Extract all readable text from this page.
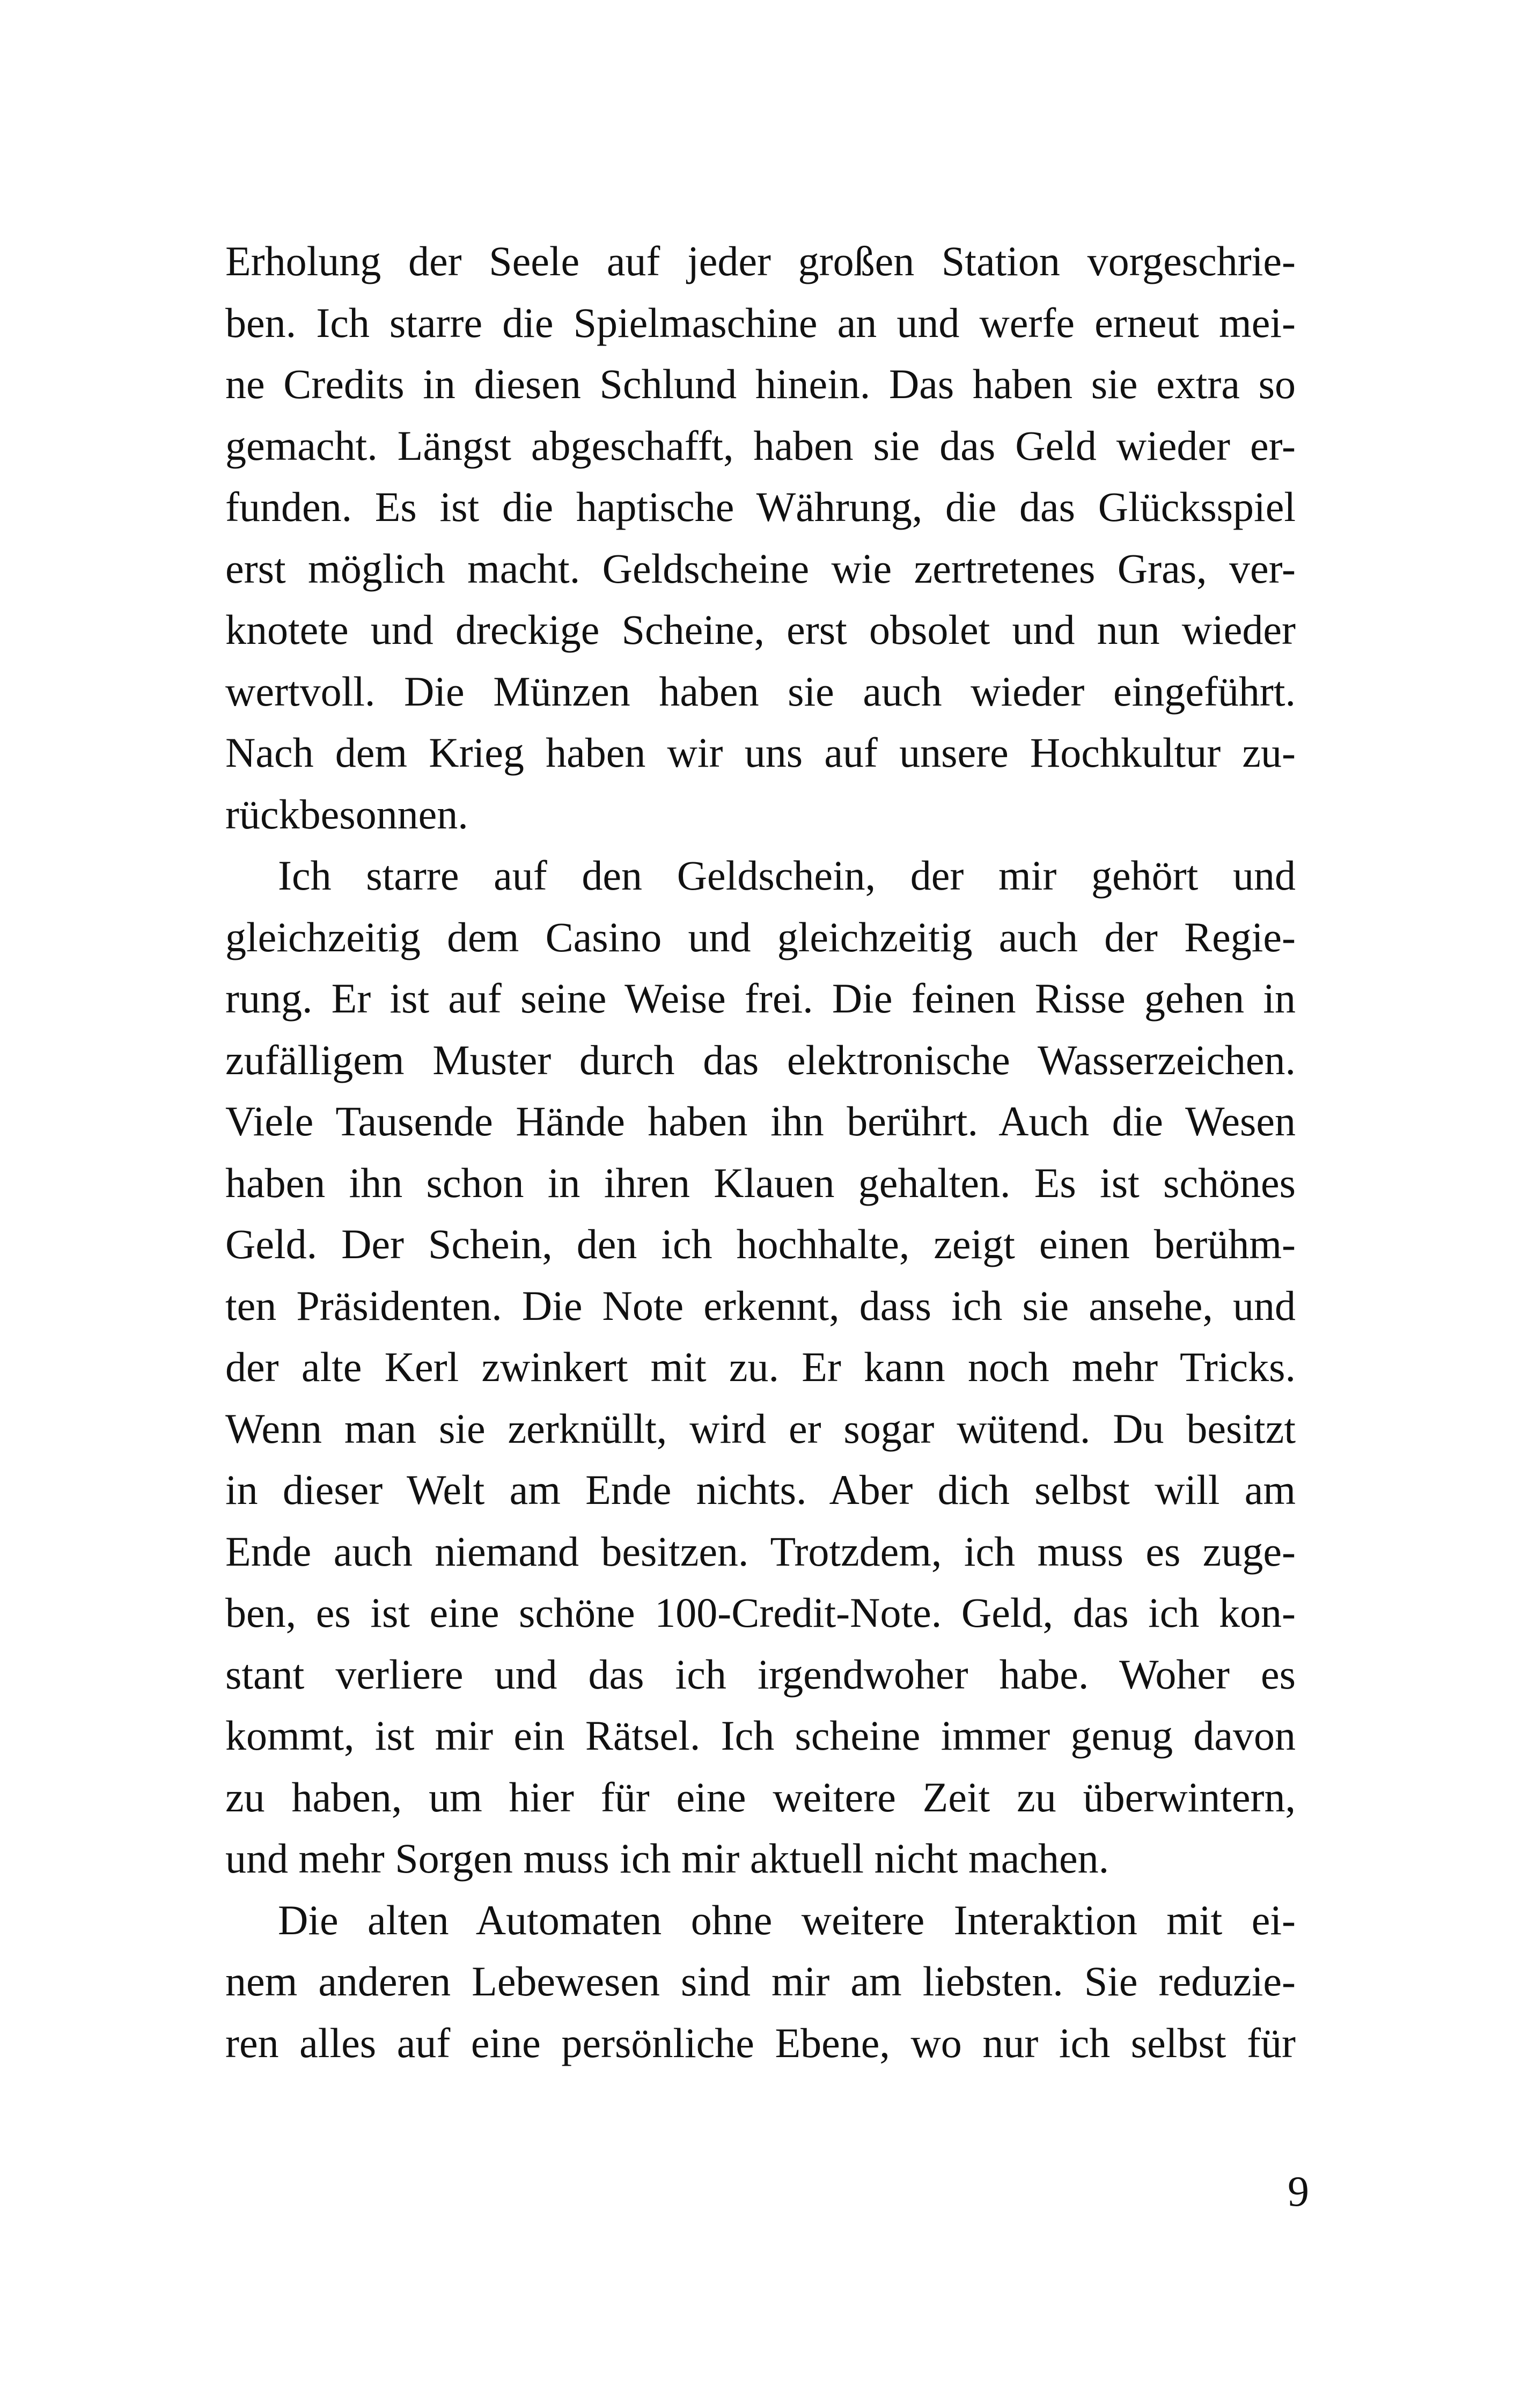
Erholung der Seele auf jeder großen Station vorgeschrie-
ben. Ich starre die Spielmaschine an und werfe erneut mei-
ne Credits in diesen Schlund hinein. Das haben sie extra so
gemacht. Längst abgeschafft, haben sie das Geld wieder er-
funden. Es ist die haptische Währung, die das Glücksspiel
erst möglich macht. Geldscheine wie zertretenes Gras, ver-
knotete und dreckige Scheine, erst obsolet und nun wieder
wertvoll. Die Münzen haben sie auch wieder eingeführt.
Nach dem Krieg haben wir uns auf unsere Hochkultur zu-
rückbesonnen.
Ich starre auf den Geldschein, der mir gehört und
gleichzeitig dem Casino und gleichzeitig auch der Regie-
rung. Er ist auf seine Weise frei. Die feinen Risse gehen in
zufälligem Muster durch das elektronische Wasserzeichen.
Viele Tausende Hände haben ihn berührt. Auch die Wesen
haben ihn schon in ihren Klauen gehalten. Es ist schönes
Geld. Der Schein, den ich hochhalte, zeigt einen berühm-
ten Präsidenten. Die Note erkennt, dass ich sie ansehe, und
der alte Kerl zwinkert mit zu. Er kann noch mehr Tricks.
Wenn man sie zerknüllt, wird er sogar wütend. Du besitzt
in dieser Welt am Ende nichts. Aber dich selbst will am
Ende auch niemand besitzen. Trotzdem, ich muss es zuge-
ben, es ist eine schöne 100-Credit-Note. Geld, das ich kon-
stant verliere und das ich irgendwoher habe. Woher es
kommt, ist mir ein Rätsel. Ich scheine immer genug davon
zu haben, um hier für eine weitere Zeit zu überwintern,
und mehr Sorgen muss ich mir aktuell nicht machen.
Die alten Automaten ohne weitere Interaktion mit ei-
nem anderen Lebewesen sind mir am liebsten. Sie reduzie-
ren alles auf eine persönliche Ebene, wo nur ich selbst für
9
